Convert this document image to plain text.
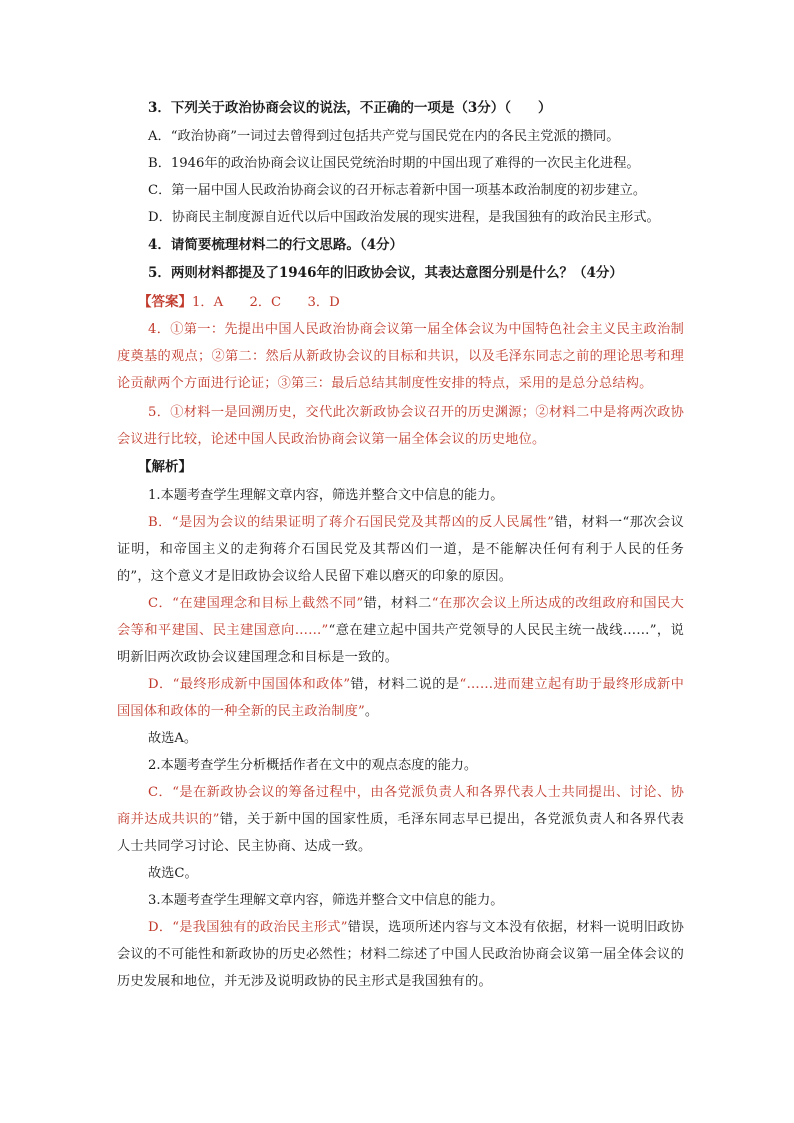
3．下列关于政治协商会议的说法，不正确的一项是（3分）（　　）
A．“政治协商”一词过去曾得到过包括共产党与国民党在内的各民主党派的攒同。
B．1946年的政治协商会议让国民党统治时期的中国出现了难得的一次民主化进程。
C．第一届中国人民政治协商会议的召开标志着新中国一项基本政治制度的初步建立。
D．协商民主制度源自近代以后中国政治发展的现实进程，是我国独有的政治民主形式。
4．请简要梳理材料二的行文思路。（4分）
5．两则材料都提及了1946年的旧政协会议，其表达意图分别是什么？（4分）
【答案】1．A　　2．C　　3．D
4．①第一：先提出中国人民政治协商会议第一届全体会议为中国特色社会主义民主政治制度奠基的观点；②第二：然后从新政协会议的目标和共识，以及毛泽东同志之前的理论思考和理论贡献两个方面进行论证；③第三：最后总结其制度性安排的特点，采用的是总分总结构。
5．①材料一是回溯历史，交代此次新政协会议召开的历史渊源；②材料二中是将两次政协会议进行比较，论述中国人民政治协商会议第一届全体会议的历史地位。
【解析】
1.本题考查学生理解文章内容，筛选并整合文中信息的能力。
B．“是因为会议的结果证明了蒋介石国民党及其帮凶的反人民属性”错，材料一“那次会议证明，和帝国主义的走狗蒋介石国民党及其帮凶们一道，是不能解决任何有利于人民的任务的”，这个意义才是旧政协会议给人民留下难以磨灭的印象的原因。
C．“在建国理念和目标上截然不同”错，材料二“在那次会议上所达成的改组政府和国民大会等和平建国、民主建国意向……”“意在建立起中国共产党领导的人民民主统一战线……”，说明新旧两次政协会议建国理念和目标是一致的。
D．“最终形成新中国国体和政体”错，材料二说的是“……进而建立起有助于最终形成新中国国体和政体的一种全新的民主政治制度”。
故选A。
2.本题考查学生分析概括作者在文中的观点态度的能力。
C．“是在新政协会议的筹备过程中，由各党派负责人和各界代表人士共同提出、讨论、协商并达成共识的”错，关于新中国的国家性质，毛泽东同志早已提出，各党派负责人和各界代表人士共同学习讨论、民主协商、达成一致。
故选C。
3.本题考查学生理解文章内容，筛选并整合文中信息的能力。
D．“是我国独有的政治民主形式”错误，选项所述内容与文本没有依据，材料一说明旧政协会议的不可能性和新政协的历史必然性；材料二综述了中国人民政治协商会议第一届全体会议的历史发展和地位，并无涉及说明政协的民主形式是我国独有的。
